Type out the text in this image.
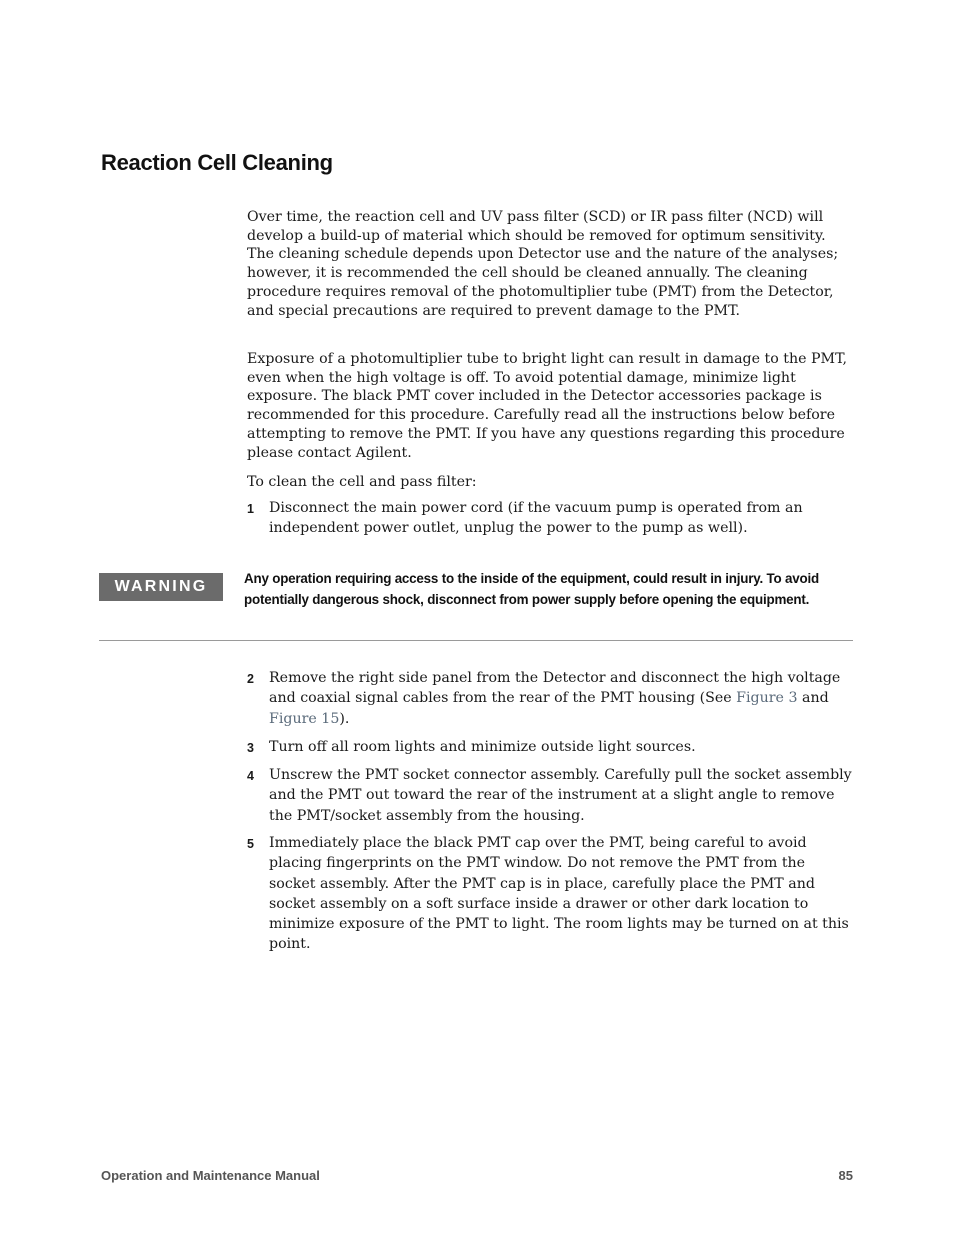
Reaction Cell Cleaning

Over time, the reaction cell and UV pass filter (SCD) or IR pass filter (NCD) will develop a build-up of material which should be removed for optimum sensitivity. The cleaning schedule depends upon Detector use and the nature of the analyses; however, it is recommended the cell should be cleaned annually. The cleaning procedure requires removal of the photomultiplier tube (PMT) from the Detector, and special precautions are required to prevent damage to the PMT.

Exposure of a photomultiplier tube to bright light can result in damage to the PMT, even when the high voltage is off. To avoid potential damage, minimize light exposure. The black PMT cover included in the Detector accessories package is recommended for this procedure. Carefully read all the instructions below before attempting to remove the PMT. If you have any questions regarding this procedure please contact Agilent.

To clean the cell and pass filter:

1 Disconnect the main power cord (if the vacuum pump is operated from an independent power outlet, unplug the power to the pump as well).
WARNING	Any operation requiring access to the inside of the equipment, could result in injury. To avoid potentially dangerous shock, disconnect from power supply before opening the equipment.
2 Remove the right side panel from the Detector and disconnect the high voltage and coaxial signal cables from the rear of the PMT housing (See Figure 3 and Figure 15).
3 Turn off all room lights and minimize outside light sources.
4 Unscrew the PMT socket connector assembly. Carefully pull the socket assembly and the PMT out toward the rear of the instrument at a slight angle to remove the PMT/socket assembly from the housing.
5 Immediately place the black PMT cap over the PMT, being careful to avoid placing fingerprints on the PMT window. Do not remove the PMT from the socket assembly. After the PMT cap is in place, carefully place the PMT and socket assembly on a soft surface inside a drawer or other dark location to minimize exposure of the PMT to light. The room lights may be turned on at this point.
Operation and Maintenance Manual	85
